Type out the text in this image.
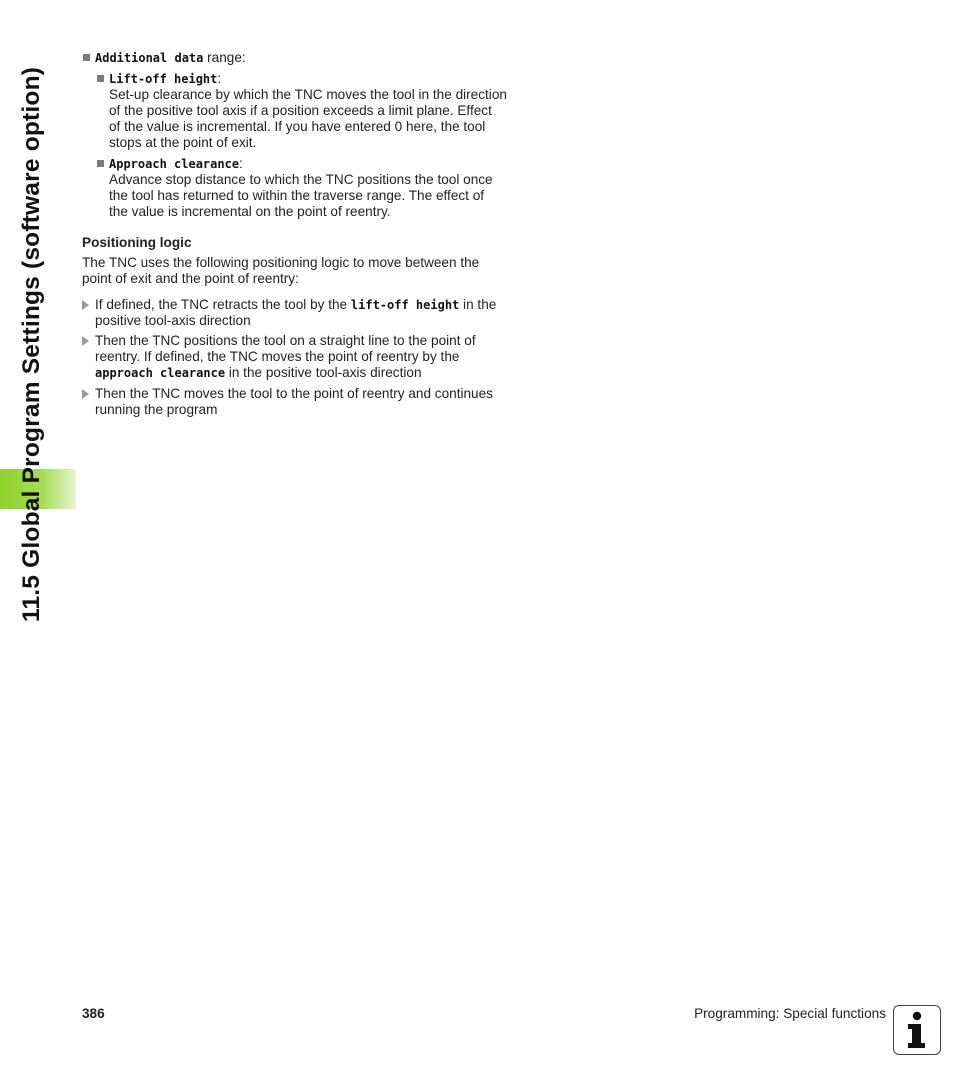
11.5 Global Program Settings (software option)

Additional data range:

Lift-off height:

Set-up clearance by which the TNC moves the tool in the direction

of the positive tool axis if a position exceeds a limit plane. Effect

of the value is incremental. If you have entered 0 here, the tool

stops at the point of exit.

Approach clearance:

Advance stop distance to which the TNC positions the tool once

the tool has returned to within the traverse range. The effect of

the value is incremental on the point of reentry.

Positioning logic

The TNC uses the following positioning logic to move between the

point of exit and the point of reentry:

If defined, the TNC retracts the tool by the lift-off height in the

positive tool-axis direction

Then the TNC positions the tool on a straight line to the point of

reentry. If defined, the TNC moves the point of reentry by the

approach clearance in the positive tool-axis direction

Then the TNC moves the tool to the point of reentry and continues

running the program

386	Programming: Special functions
